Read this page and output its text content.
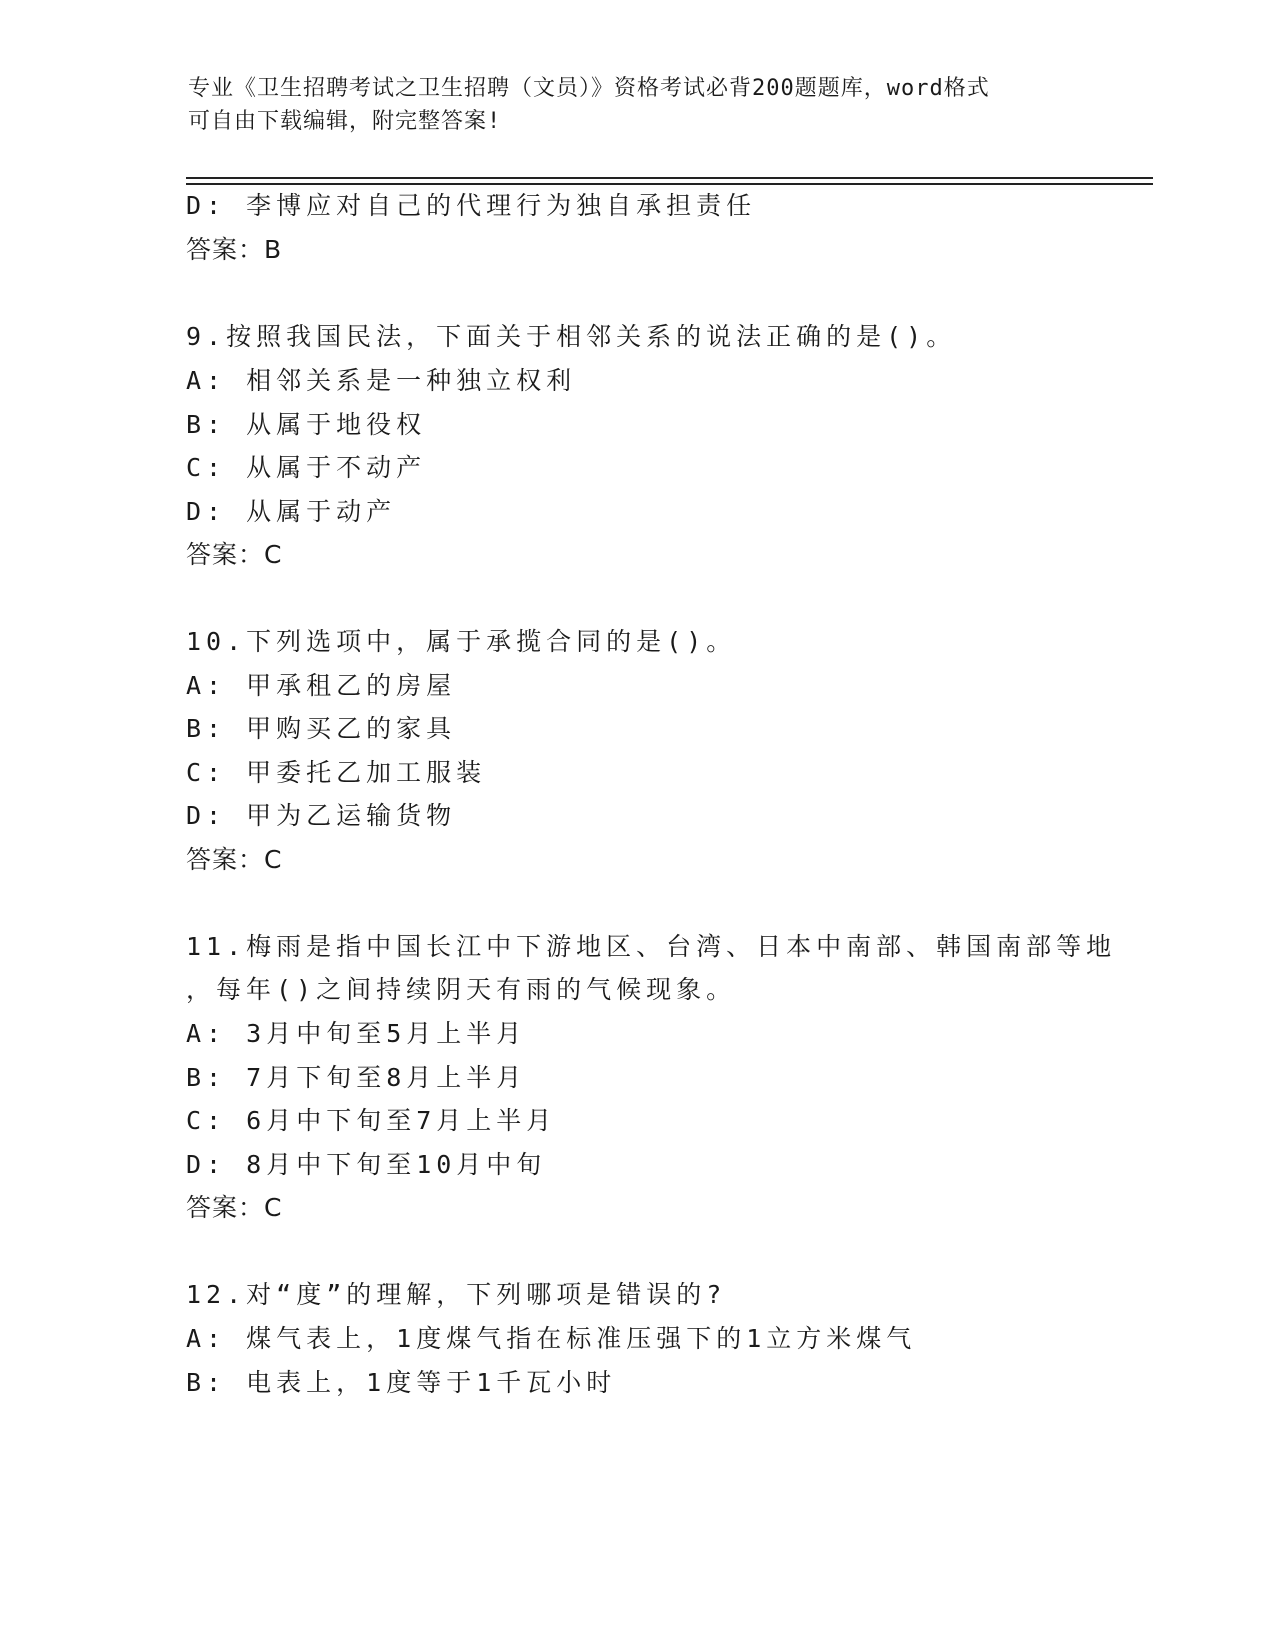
专业《卫生招聘考试之卫生招聘（文员）》资格考试必背200题题库，word格式
可自由下载编辑，附完整答案!
D: 李博应对自己的代理行为独自承担责任
答案：B
9.按照我国民法，下面关于相邻关系的说法正确的是()。
A: 相邻关系是一种独立权利
B: 从属于地役权
C: 从属于不动产
D: 从属于动产
答案：C
10.下列选项中，属于承揽合同的是()。
A: 甲承租乙的房屋
B: 甲购买乙的家具
C: 甲委托乙加工服装
D: 甲为乙运输货物
答案：C
11.梅雨是指中国长江中下游地区、台湾、日本中南部、韩国南部等地
，每年()之间持续阴天有雨的气候现象。
A: 3月中旬至5月上半月
B: 7月下旬至8月上半月
C: 6月中下旬至7月上半月
D: 8月中下旬至10月中旬
答案：C
12.对“度”的理解，下列哪项是错误的?
A: 煤气表上，1度煤气指在标准压强下的1立方米煤气
B: 电表上，1度等于1千瓦小时
